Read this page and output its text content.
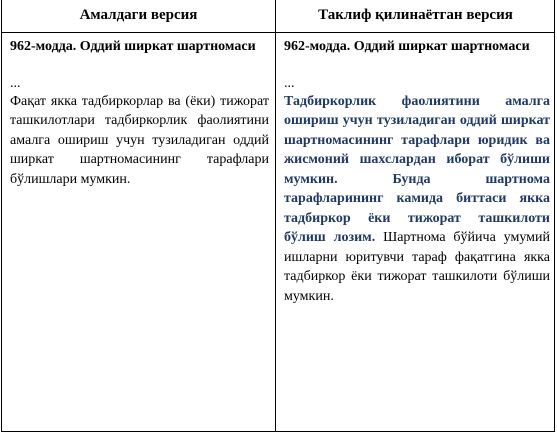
Амалдаги версия	Таклиф қилинаётган версия
962-модда. Оддий ширкат шартномаси
...

Фақат якка тадбиркорлар ва (ёки) тижорат ташкилотлари тадбиркорлик фаолиятини амалга ошириш учун тузиладиган оддий ширкат шартномасининг тарафлари бўлишлари мумкин.

962-модда. Оддий ширкат шартномаси
...

Тадбиркорлик фаолиятини амалга ошириш учун тузиладиган оддий ширкат шартномасининг тарафлари юридик ва жисмоний шахслардан иборат бўлиши мумкин. Бунда шартнома тарафларининг камида биттаси якка тадбиркор ёки тижорат ташкилоти бўлиш лозим. Шартнома бўйича умумий ишларни юритувчи тараф фақатгина якка тадбиркор ёки тижорат ташкилоти бўлиши мумкин.
